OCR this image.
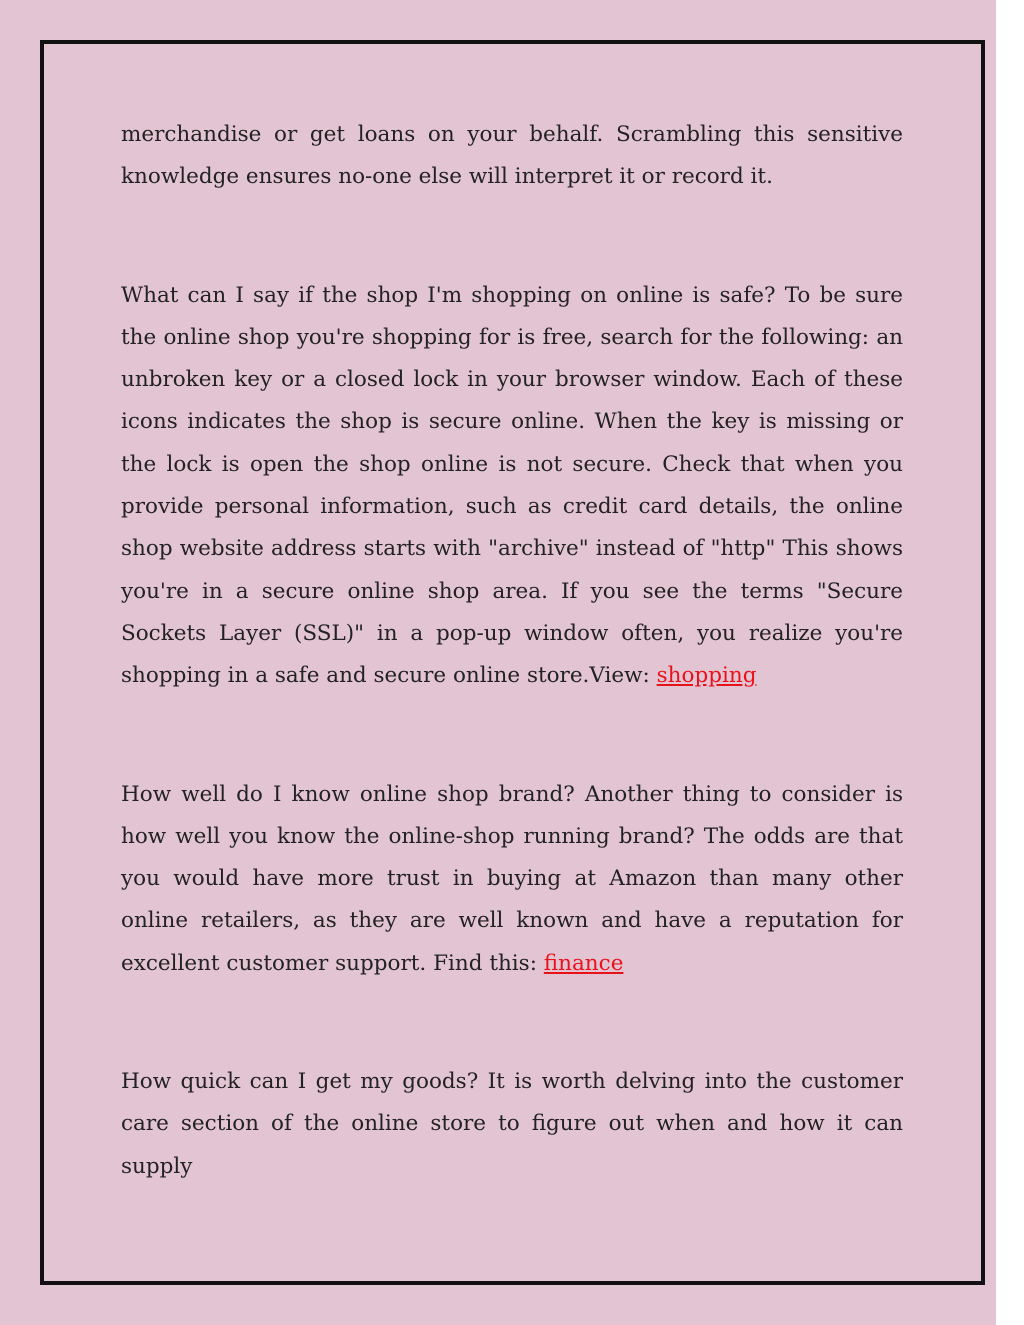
merchandise or get loans on your behalf. Scrambling this sensitive knowledge ensures no-one else will interpret it or record it.

What can I say if the shop I'm shopping on online is safe? To be sure the online shop you're shopping for is free, search for the following: an unbroken key or a closed lock in your browser window. Each of these icons indicates the shop is secure online. When the key is missing or the lock is open the shop online is not secure. Check that when you provide personal information, such as credit card details, the online shop website address starts with "archive" instead of "http" This shows you're in a secure online shop area. If you see the terms "Secure Sockets Layer (SSL)" in a pop-up window often, you realize you're shopping in a safe and secure online store.View: shopping

How well do I know online shop brand? Another thing to consider is how well you know the online-shop running brand? The odds are that you would have more trust in buying at Amazon than many other online retailers, as they are well known and have a reputation for excellent customer support. Find this: finance

How quick can I get my goods? It is worth delving into the customer care section of the online store to figure out when and how it can supply
